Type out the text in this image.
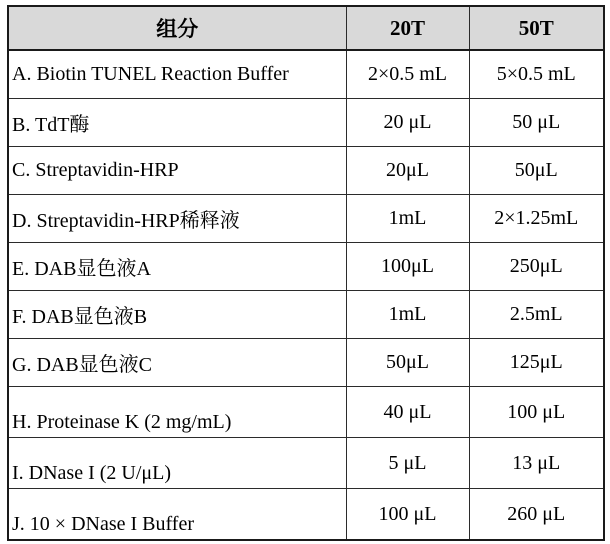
组分	20T	50T
A. Biotin TUNEL Reaction Buffer	2×0.5 mL	5×0.5 mL
B. TdT酶	20 μL	50 μL
C. Streptavidin-HRP	20μL	50μL
D. Streptavidin-HRP稀释液	1mL	2×1.25mL
E. DAB显色液A	100μL	250μL
F. DAB显色液B	1mL	2.5mL
G. DAB显色液C	50μL	125μL
H. Proteinase K (2 mg/mL)	40 μL	100 μL
I. DNase I (2 U/μL)	5 μL	13 μL
J. 10 × DNase I Buffer	100 μL	260 μL
